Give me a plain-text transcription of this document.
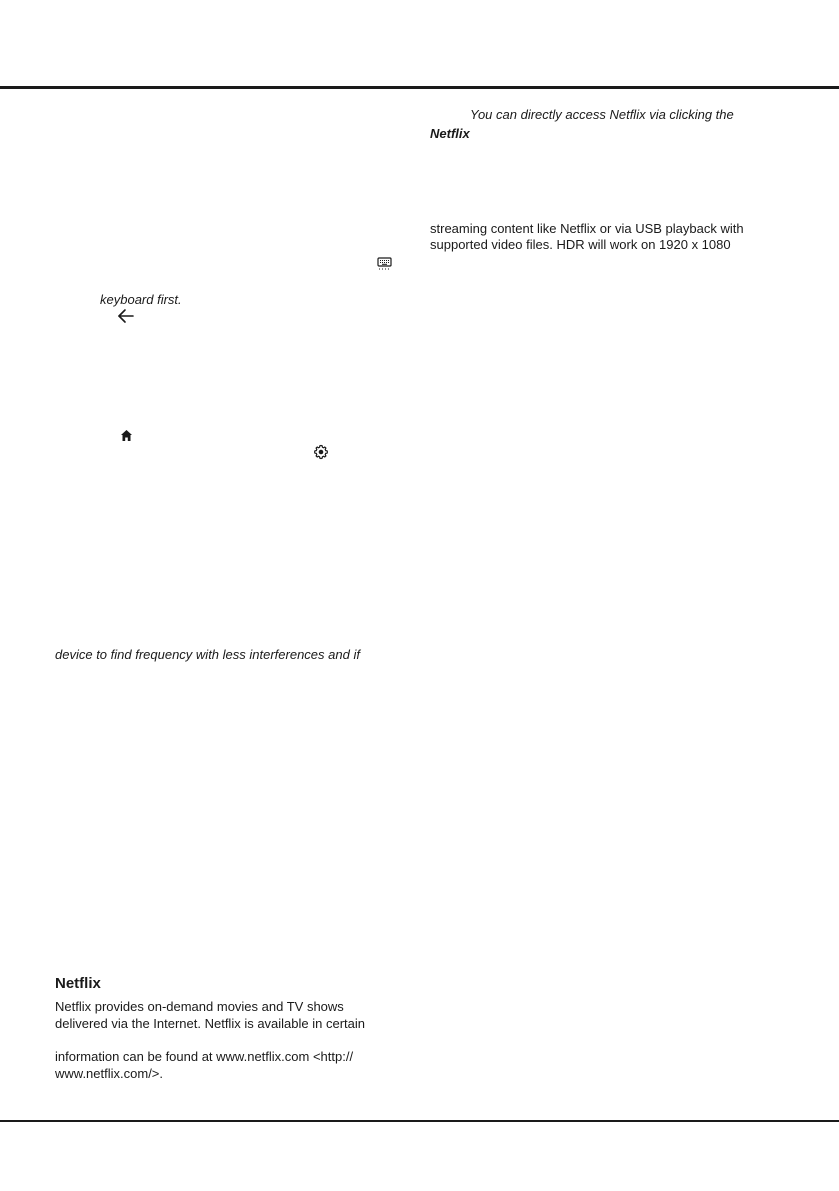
You can directly access Netflix via clicking the

Netflix

streaming content like Netflix or via USB playback with

supported video files. HDR will work on 1920 x 1080

keyboard first.

device to find frequency with less interferences and if

Netflix

Netflix provides on-demand movies and TV shows

delivered via the Internet. Netflix is available in certain

information can be found at www.netflix.com <http://

www.netflix.com/>.
